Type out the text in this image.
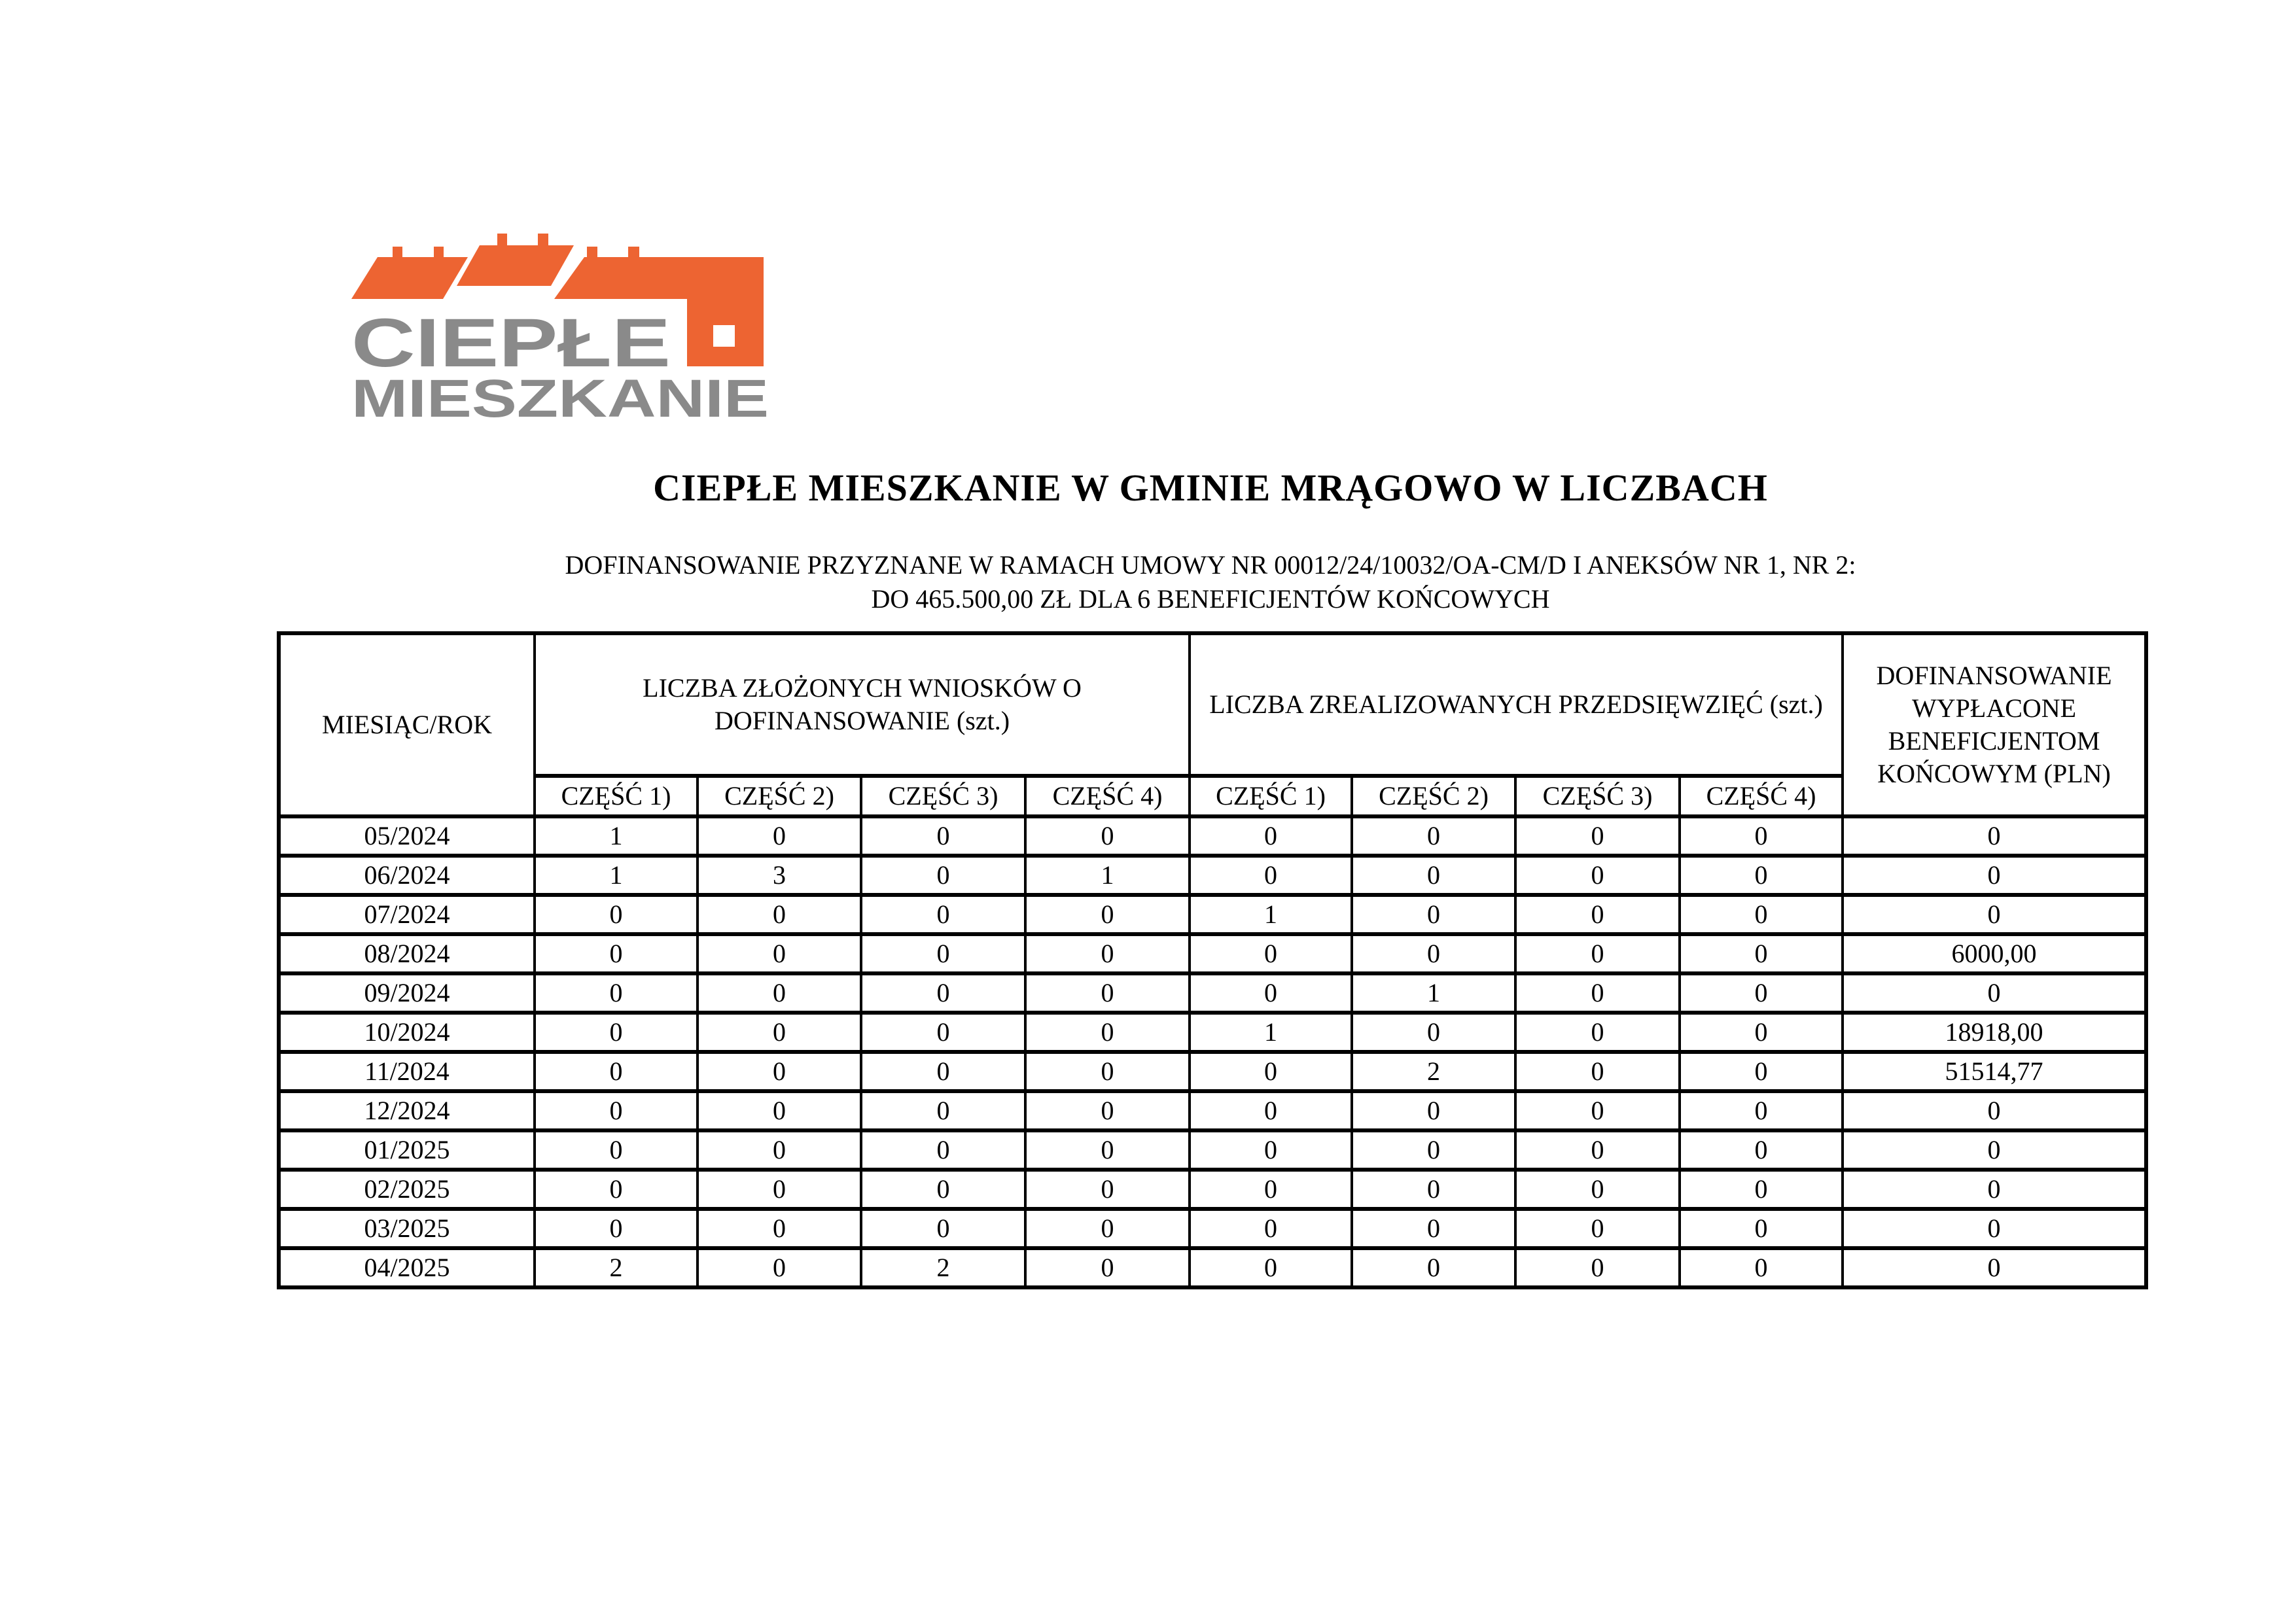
CIEPŁE
MIESZKANIE
CIEPŁE MIESZKANIE W GMINIE MRĄGOWO W LICZBACH
DOFINANSOWANIE PRZYZNANE W RAMACH UMOWY NR 00012/24/10032/OA-CM/D I ANEKSÓW NR 1, NR 2:
DO 465.500,00 ZŁ DLA 6 BENEFICJENTÓW KOŃCOWYCH
MIESIĄC/ROK	LICZBA ZŁOŻONYCH WNIOSKÓW O DOFINANSOWANIE (szt.)				LICZBA ZREALIZOWANYCH PRZEDSIĘWZIĘĆ (szt.)				DOFINANSOWANIE WYPŁACONE BENEFICJENTOM KOŃCOWYM (PLN)
	CZĘŚĆ 1)	CZĘŚĆ 2)	CZĘŚĆ 3)	CZĘŚĆ 4)	CZĘŚĆ 1)	CZĘŚĆ 2)	CZĘŚĆ 3)	CZĘŚĆ 4)	
05/2024	1	0	0	0	0	0	0	0	0
06/2024	1	3	0	1	0	0	0	0	0
07/2024	0	0	0	0	1	0	0	0	0
08/2024	0	0	0	0	0	0	0	0	6000,00
09/2024	0	0	0	0	0	1	0	0	0
10/2024	0	0	0	0	1	0	0	0	18918,00
11/2024	0	0	0	0	0	2	0	0	51514,77
12/2024	0	0	0	0	0	0	0	0	0
01/2025	0	0	0	0	0	0	0	0	0
02/2025	0	0	0	0	0	0	0	0	0
03/2025	0	0	0	0	0	0	0	0	0
04/2025	2	0	2	0	0	0	0	0	0
